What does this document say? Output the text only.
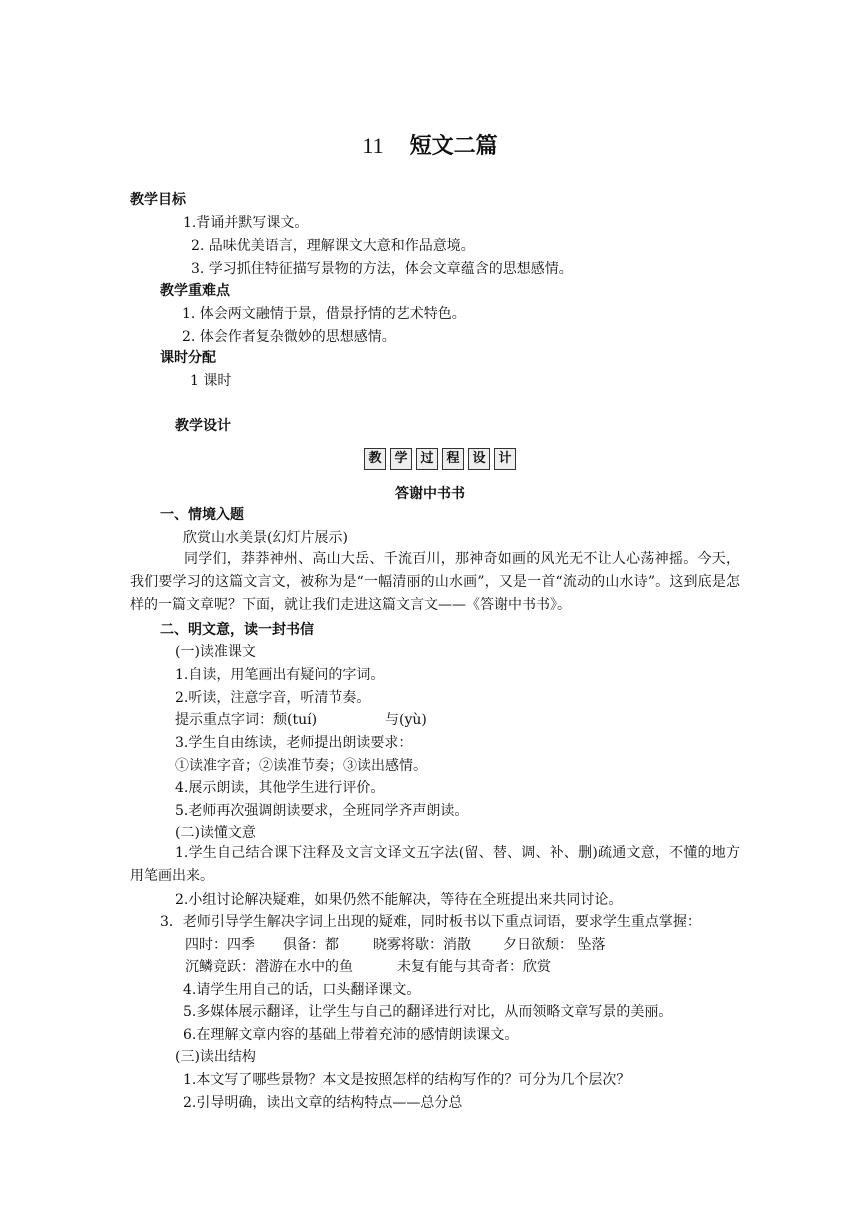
11 短文二篇
教学目标
1.背诵并默写课文。
2. 品味优美语言，理解课文大意和作品意境。
3. 学习抓住特征描写景物的方法，体会文章蕴含的思想感情。
教学重难点
1. 体会两文融情于景，借景抒情的艺术特色。
2. 体会作者复杂微妙的思想感情。
课时分配
1 课时
教学设计
教 学 过 程 设 计
答谢中书书
一、情境入题
欣赏山水美景(幻灯片展示)
同学们，莽莽神州、高山大岳、千流百川，那神奇如画的风光无不让人心荡神摇。今天，我们要学习的这篇文言文，被称为是“一幅清丽的山水画”，又是一首“流动的山水诗”。这到底是怎样的一篇文章呢？下面，就让我们走进这篇文言文——《答谢中书书》。
二、明文意，读一封书信
(一)读准课文
1.自读，用笔画出有疑问的字词。
2.听读，注意字音，听清节奏。
提示重点字词：颓(tuí)	与(yù)
3.学生自由练读，老师提出朗读要求：
①读准字音；②读准节奏；③读出感情。
4.展示朗读，其他学生进行评价。
5.老师再次强调朗读要求，全班同学齐声朗读。
(二)读懂文意
1.学生自己结合课下注释及文言文译文五字法(留、替、调、补、删)疏通文意，不懂的地方用笔画出来。
2.小组讨论解决疑难，如果仍然不能解决，等待在全班提出来共同讨论。
3．老师引导学生解决字词上出现的疑难，同时板书以下重点词语，要求学生重点掌握：
四时：四季 俱备：都 晓雾将歇：消散 夕日欲颓： 坠落
沉鳞竞跃：潜游在水中的鱼	未复有能与其奇者：欣赏
4.请学生用自己的话，口头翻译课文。
5.多媒体展示翻译，让学生与自己的翻译进行对比，从而领略文章写景的美丽。
6.在理解文章内容的基础上带着充沛的感情朗读课文。
(三)读出结构
1.本文写了哪些景物？本文是按照怎样的结构写作的？可分为几个层次？
2.引导明确，读出文章的结构特点——总分总
